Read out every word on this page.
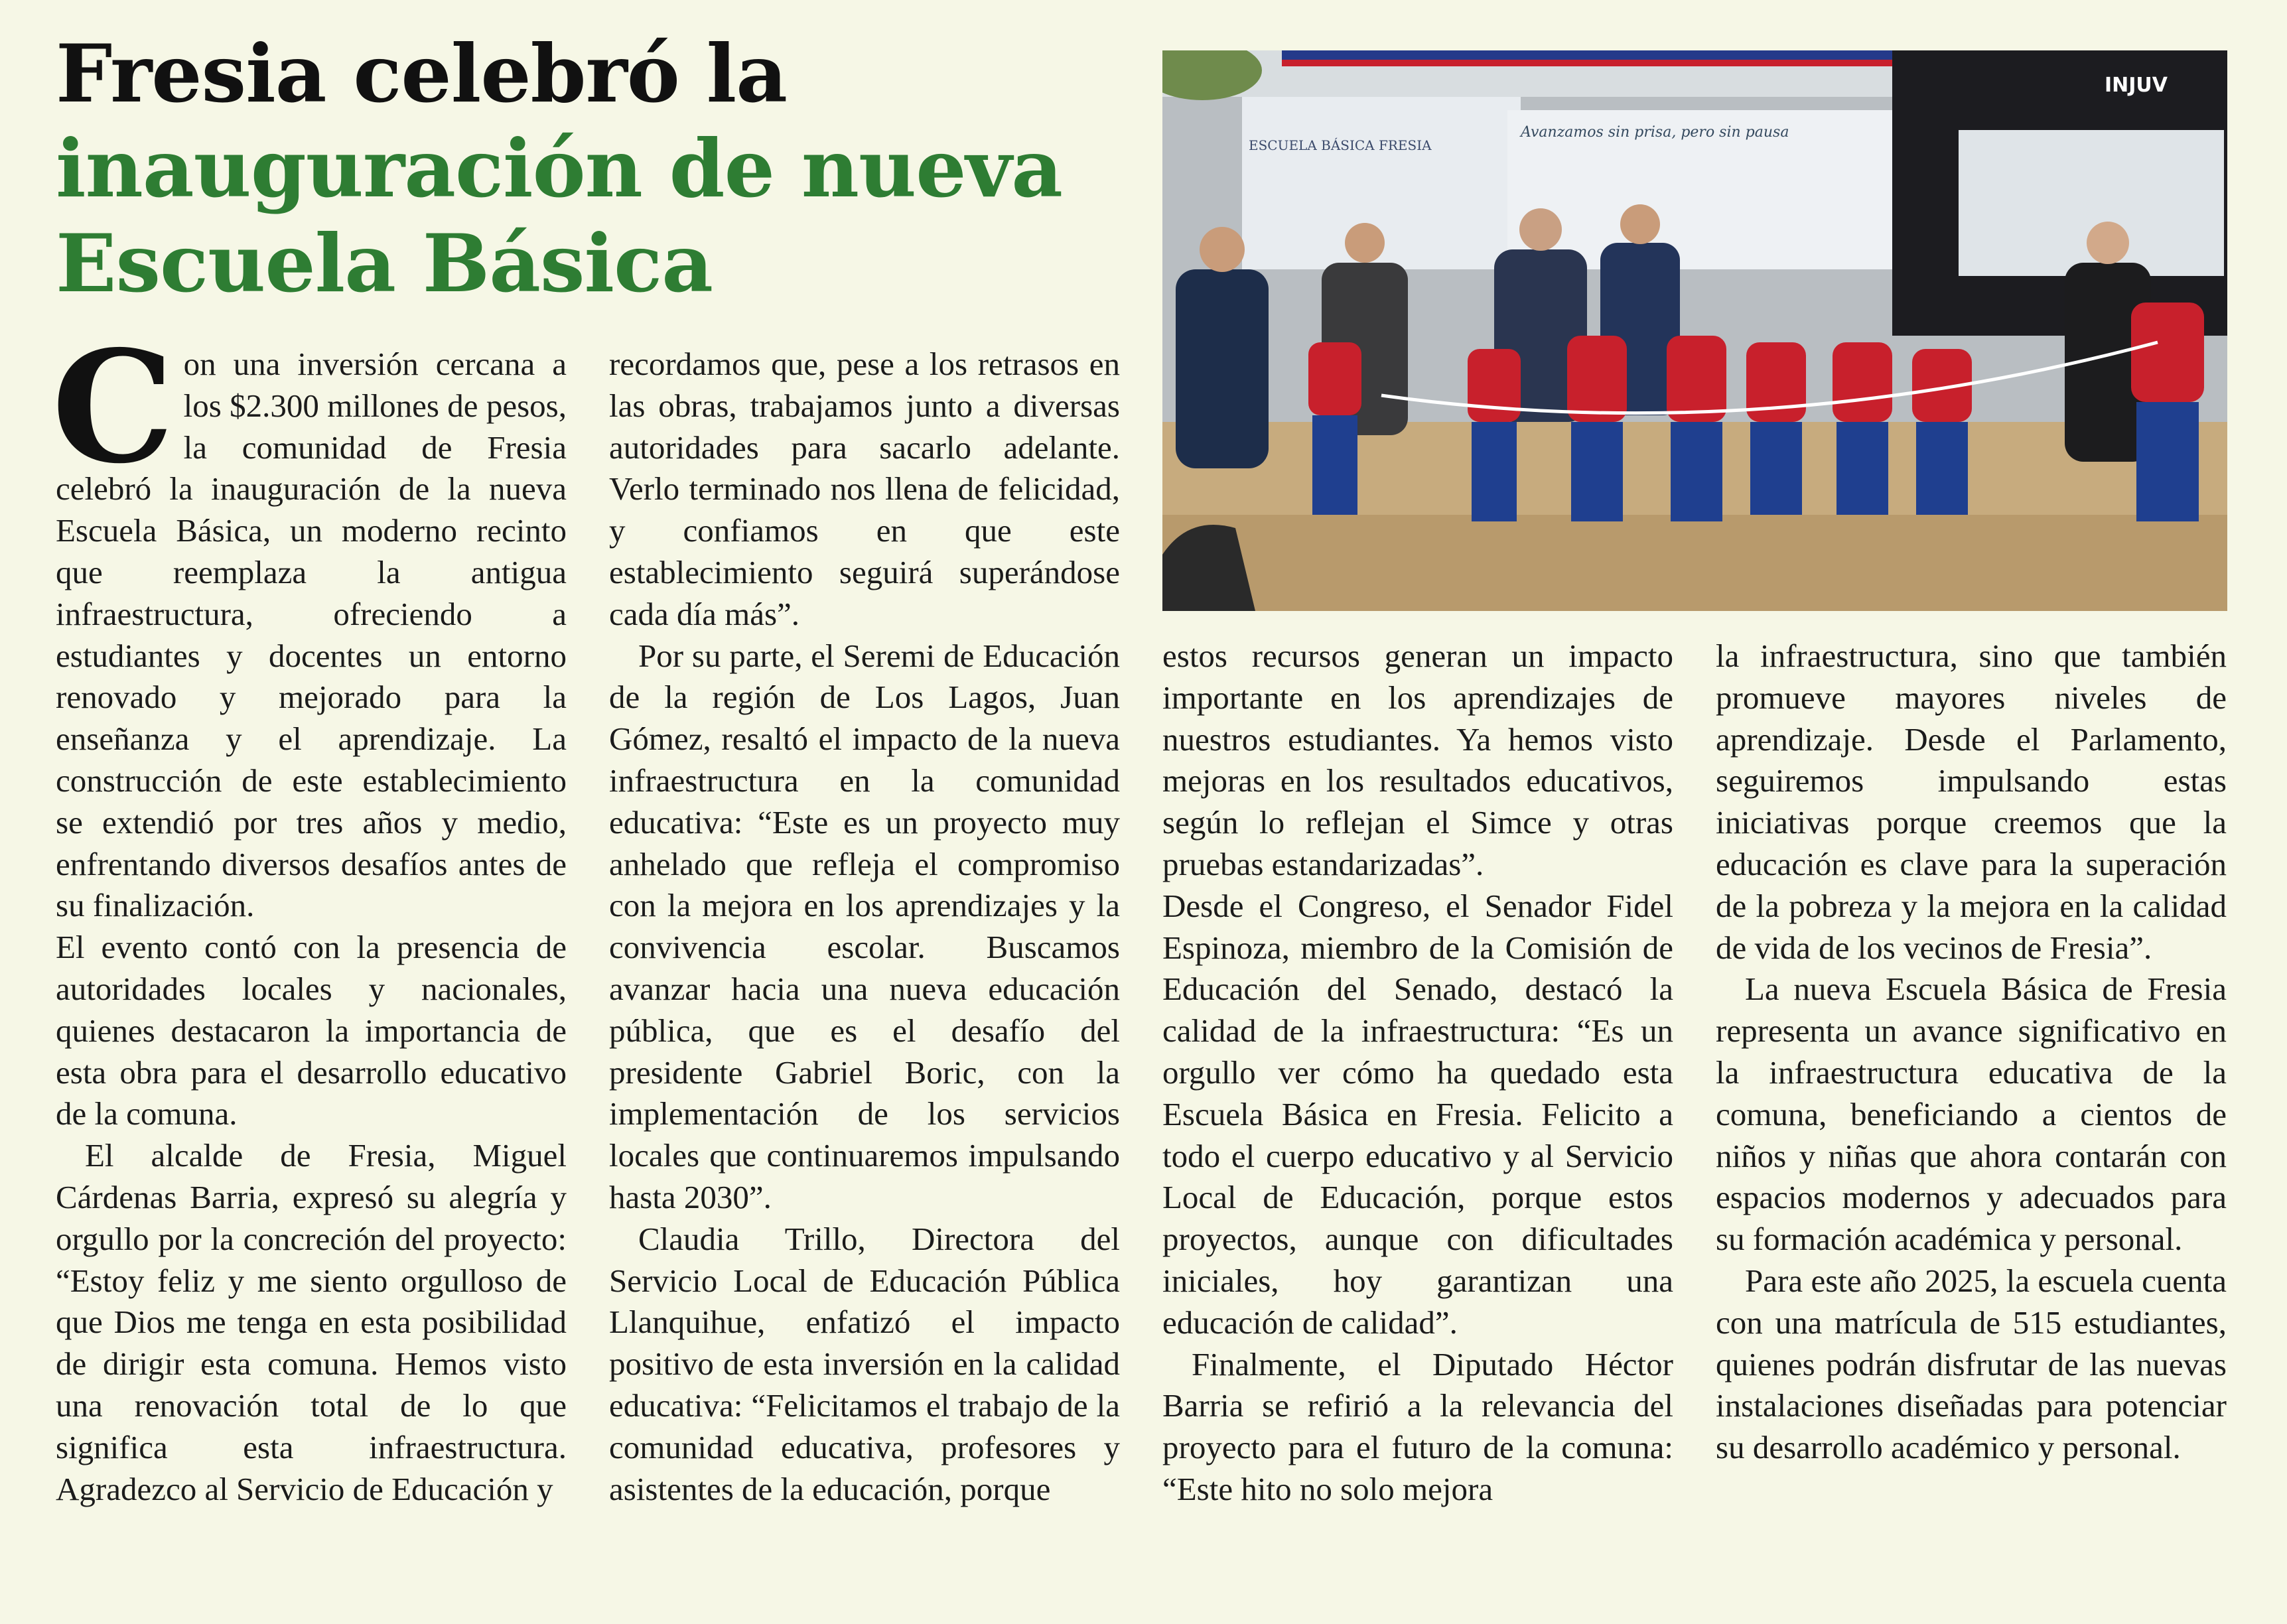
Fresia celebró la
inauguración de nueva
Escuela Básica
INJUV
Avanzamos sin prisa, pero sin pausa
ESCUELA BÁSICA FRESIA

Con una inversión cercana a los $2.300 millones de pesos, la comunidad de Fresia celebró la inauguración de la nueva Escuela Básica, un moderno recinto que reemplaza la antigua infraestructura, ofreciendo a estudiantes y docentes un entorno renovado y mejorado para la enseñanza y el aprendizaje. La construcción de este establecimiento se extendió por tres años y medio, enfrentando diversos desafíos antes de su finalización.

El evento contó con la presencia de autoridades locales y nacionales, quienes destacaron la importancia de esta obra para el desarrollo educativo de la comuna.

El alcalde de Fresia, Miguel Cárdenas Barria, expresó su alegría y orgullo por la concreción del proyecto: “Estoy feliz y me siento orgulloso de que Dios me tenga en esta posibilidad de dirigir esta comuna. Hemos visto una renovación total de lo que significa esta infraestructura. Agradezco al Servicio de Educación y

recordamos que, pese a los retrasos en las obras, trabajamos junto a diversas autoridades para sacarlo adelante. Verlo terminado nos llena de felicidad, y confiamos en que este establecimiento seguirá superándose cada día más”.

Por su parte, el Seremi de Educación de la región de Los Lagos, Juan Gómez, resaltó el impacto de la nueva infraestructura en la comunidad educativa: “Este es un proyecto muy anhelado que refleja el compromiso con la mejora en los aprendizajes y la convivencia escolar. Buscamos avanzar hacia una nueva educación pública, que es el desafío del presidente Gabriel Boric, con la implementación de los servicios locales que continuaremos impulsando hasta 2030”.

Claudia Trillo, Directora del Servicio Local de Educación Pública Llanquihue, enfatizó el impacto positivo de esta inversión en la calidad educativa: “Felicitamos el trabajo de la comunidad educativa, profesores y asistentes de la educación, porque

estos recursos generan un impacto importante en los aprendizajes de nuestros estudiantes. Ya hemos visto mejoras en los resultados educativos, según lo reflejan el Simce y otras pruebas estandarizadas”.

Desde el Congreso, el Senador Fidel Espinoza, miembro de la Comisión de Educación del Senado, destacó la calidad de la infraestructura: “Es un orgullo ver cómo ha quedado esta Escuela Básica en Fresia. Felicito a todo el cuerpo educativo y al Servicio Local de Educación, porque estos proyectos, aunque con dificultades iniciales, hoy garantizan una educación de calidad”.

Finalmente, el Diputado Héctor Barria se refirió a la relevancia del proyecto para el futuro de la comuna: “Este hito no solo mejora

la infraestructura, sino que también promueve mayores niveles de aprendizaje. Desde el Parlamento, seguiremos impulsando estas iniciativas porque creemos que la educación es clave para la superación de la pobreza y la mejora en la calidad de vida de los vecinos de Fresia”.

La nueva Escuela Básica de Fresia representa un avance significativo en la infraestructura educativa de la comuna, beneficiando a cientos de niños y niñas que ahora contarán con espacios modernos y adecuados para su formación académica y personal.

Para este año 2025, la escuela cuenta con una matrícula de 515 estudiantes, quienes podrán disfrutar de las nuevas instalaciones diseñadas para potenciar su desarrollo académico y personal.
